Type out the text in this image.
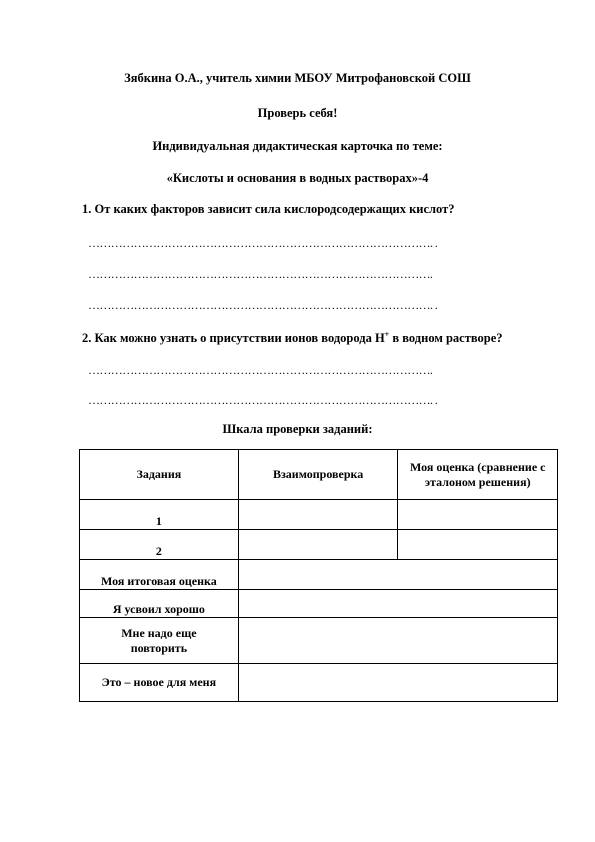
Зябкина О.А., учитель химии МБОУ Митрофановской СОШ
Проверь себя!
Индивидуальная дидактическая карточка по теме:
«Кислоты и основания в водных растворах»-4
1. От каких факторов зависит сила кислородсодержащих кислот?
………………………………………………………………………………. .
……………………………………………………………………………….
………………………………………………………………………………. .
2. Как можно узнать о присутствии ионов водорода Н+ в водном растворе?
……………………………………………………………………………….
………………………………………………………………………………. .
Шкала проверки заданий:
Задания	Взаимопроверка	Моя оценка (сравнение с эталоном решения)
1		
2		
Моя итоговая оценка		
Я усвоил хорошо		
Мне надо еще повторить		
Это – новое для меня		
